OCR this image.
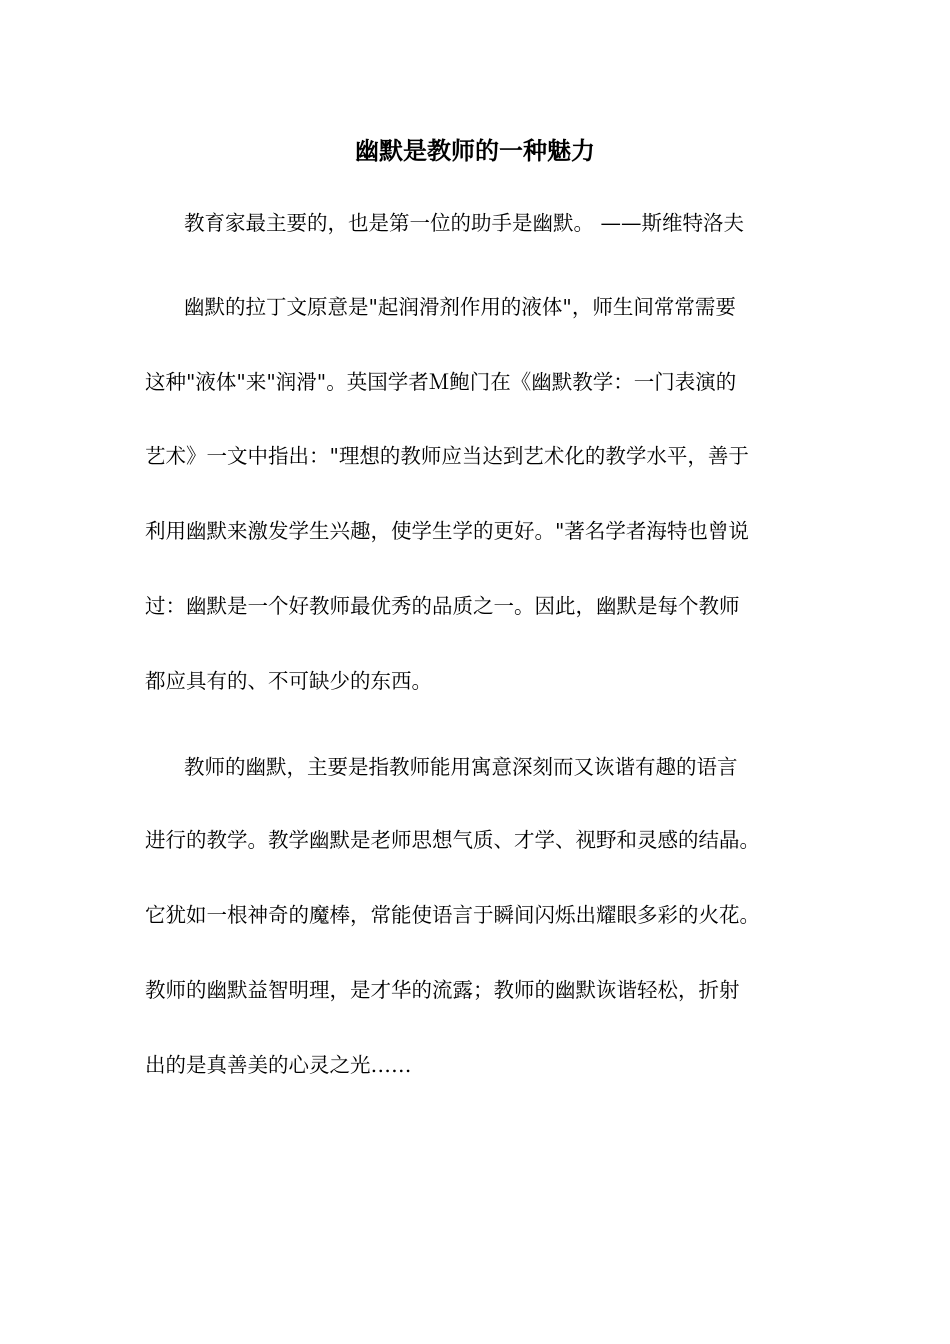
幽默是教师的一种魅力
教育家最主要的，也是第一位的助手是幽默。 ——斯维特洛夫
幽默的拉丁文原意是"起润滑剂作用的液体"，师生间常常需要
这种"液体"来"润滑"。英国学者Ｍ鲍门在《幽默教学：一门表演的
艺术》一文中指出："理想的教师应当达到艺术化的教学水平，善于
利用幽默来激发学生兴趣，使学生学的更好。"著名学者海特也曾说
过：幽默是一个好教师最优秀的品质之一。因此，幽默是每个教师
都应具有的、不可缺少的东西。
教师的幽默，主要是指教师能用寓意深刻而又诙谐有趣的语言
进行的教学。教学幽默是老师思想气质、才学、视野和灵感的结晶。
它犹如一根神奇的魔棒，常能使语言于瞬间闪烁出耀眼多彩的火花。
教师的幽默益智明理，是才华的流露；教师的幽默诙谐轻松，折射
出的是真善美的心灵之光……
